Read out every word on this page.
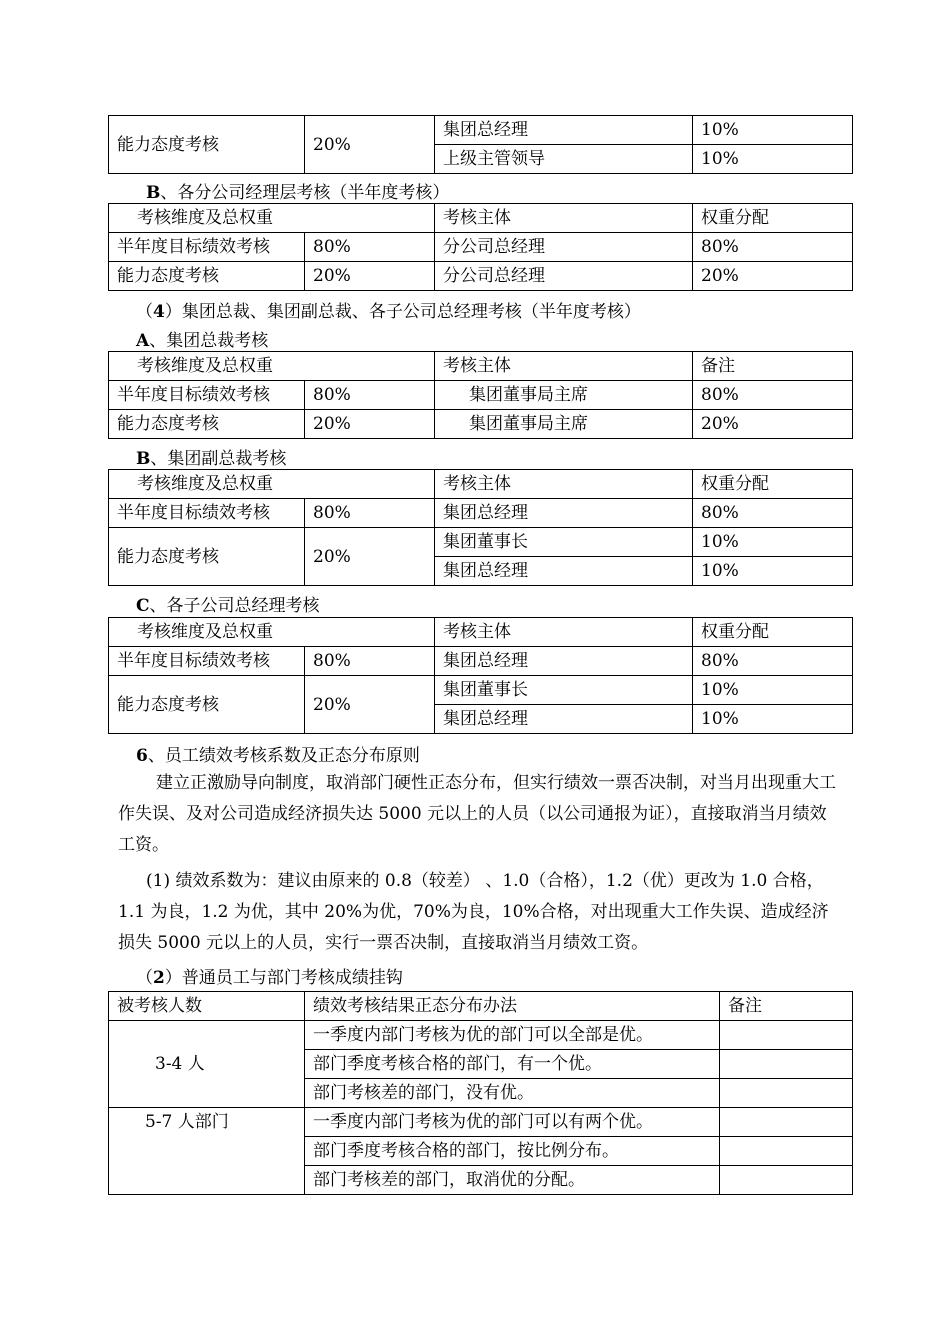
能力态度考核	20%	集团总经理	10%
		上级主管领导	10%
B、各分公司经理层考核（半年度考核）
考核维度及总权重		考核主体	权重分配
半年度目标绩效考核	80%	分公司总经理	80%
能力态度考核	20%	分公司总经理	20%
（4）集团总裁、集团副总裁、各子公司总经理考核（半年度考核）
A、集团总裁考核
考核维度及总权重		考核主体	备注
半年度目标绩效考核	80%	集团董事局主席	80%
能力态度考核	20%	集团董事局主席	20%
B、集团副总裁考核
考核维度及总权重		考核主体	权重分配
半年度目标绩效考核	80%	集团总经理	80%
能力态度考核	20%	集团董事长	10%
		集团总经理	10%
C、各子公司总经理考核
考核维度及总权重		考核主体	权重分配
半年度目标绩效考核	80%	集团总经理	80%
能力态度考核	20%	集团董事长	10%
		集团总经理	10%
6、员工绩效考核系数及正态分布原则
建立正激励导向制度，取消部门硬性正态分布，但实行绩效一票否决制，对当月出现重大工作失误、及对公司造成经济损失达 5000 元以上的人员（以公司通报为证），直接取消当月绩效工资。
(1) 绩效系数为：建议由原来的 0.8（较差） 、1.0（合格），1.2（优）更改为 1.0 合格，1.1 为良，1.2 为优，其中 20%为优，70%为良，10%合格，对出现重大工作失误、造成经济损失 5000 元以上的人员，实行一票否决制，直接取消当月绩效工资。
（2）普通员工与部门考核成绩挂钩
被考核人数	绩效考核结果正态分布办法	备注
3-4 人	一季度内部门考核为优的部门可以全部是优。	
	部门季度考核合格的部门，有一个优。	
	部门考核差的部门，没有优。	
5-7 人部门	一季度内部门考核为优的部门可以有两个优。	
	部门季度考核合格的部门，按比例分布。	
	部门考核差的部门，取消优的分配。	
